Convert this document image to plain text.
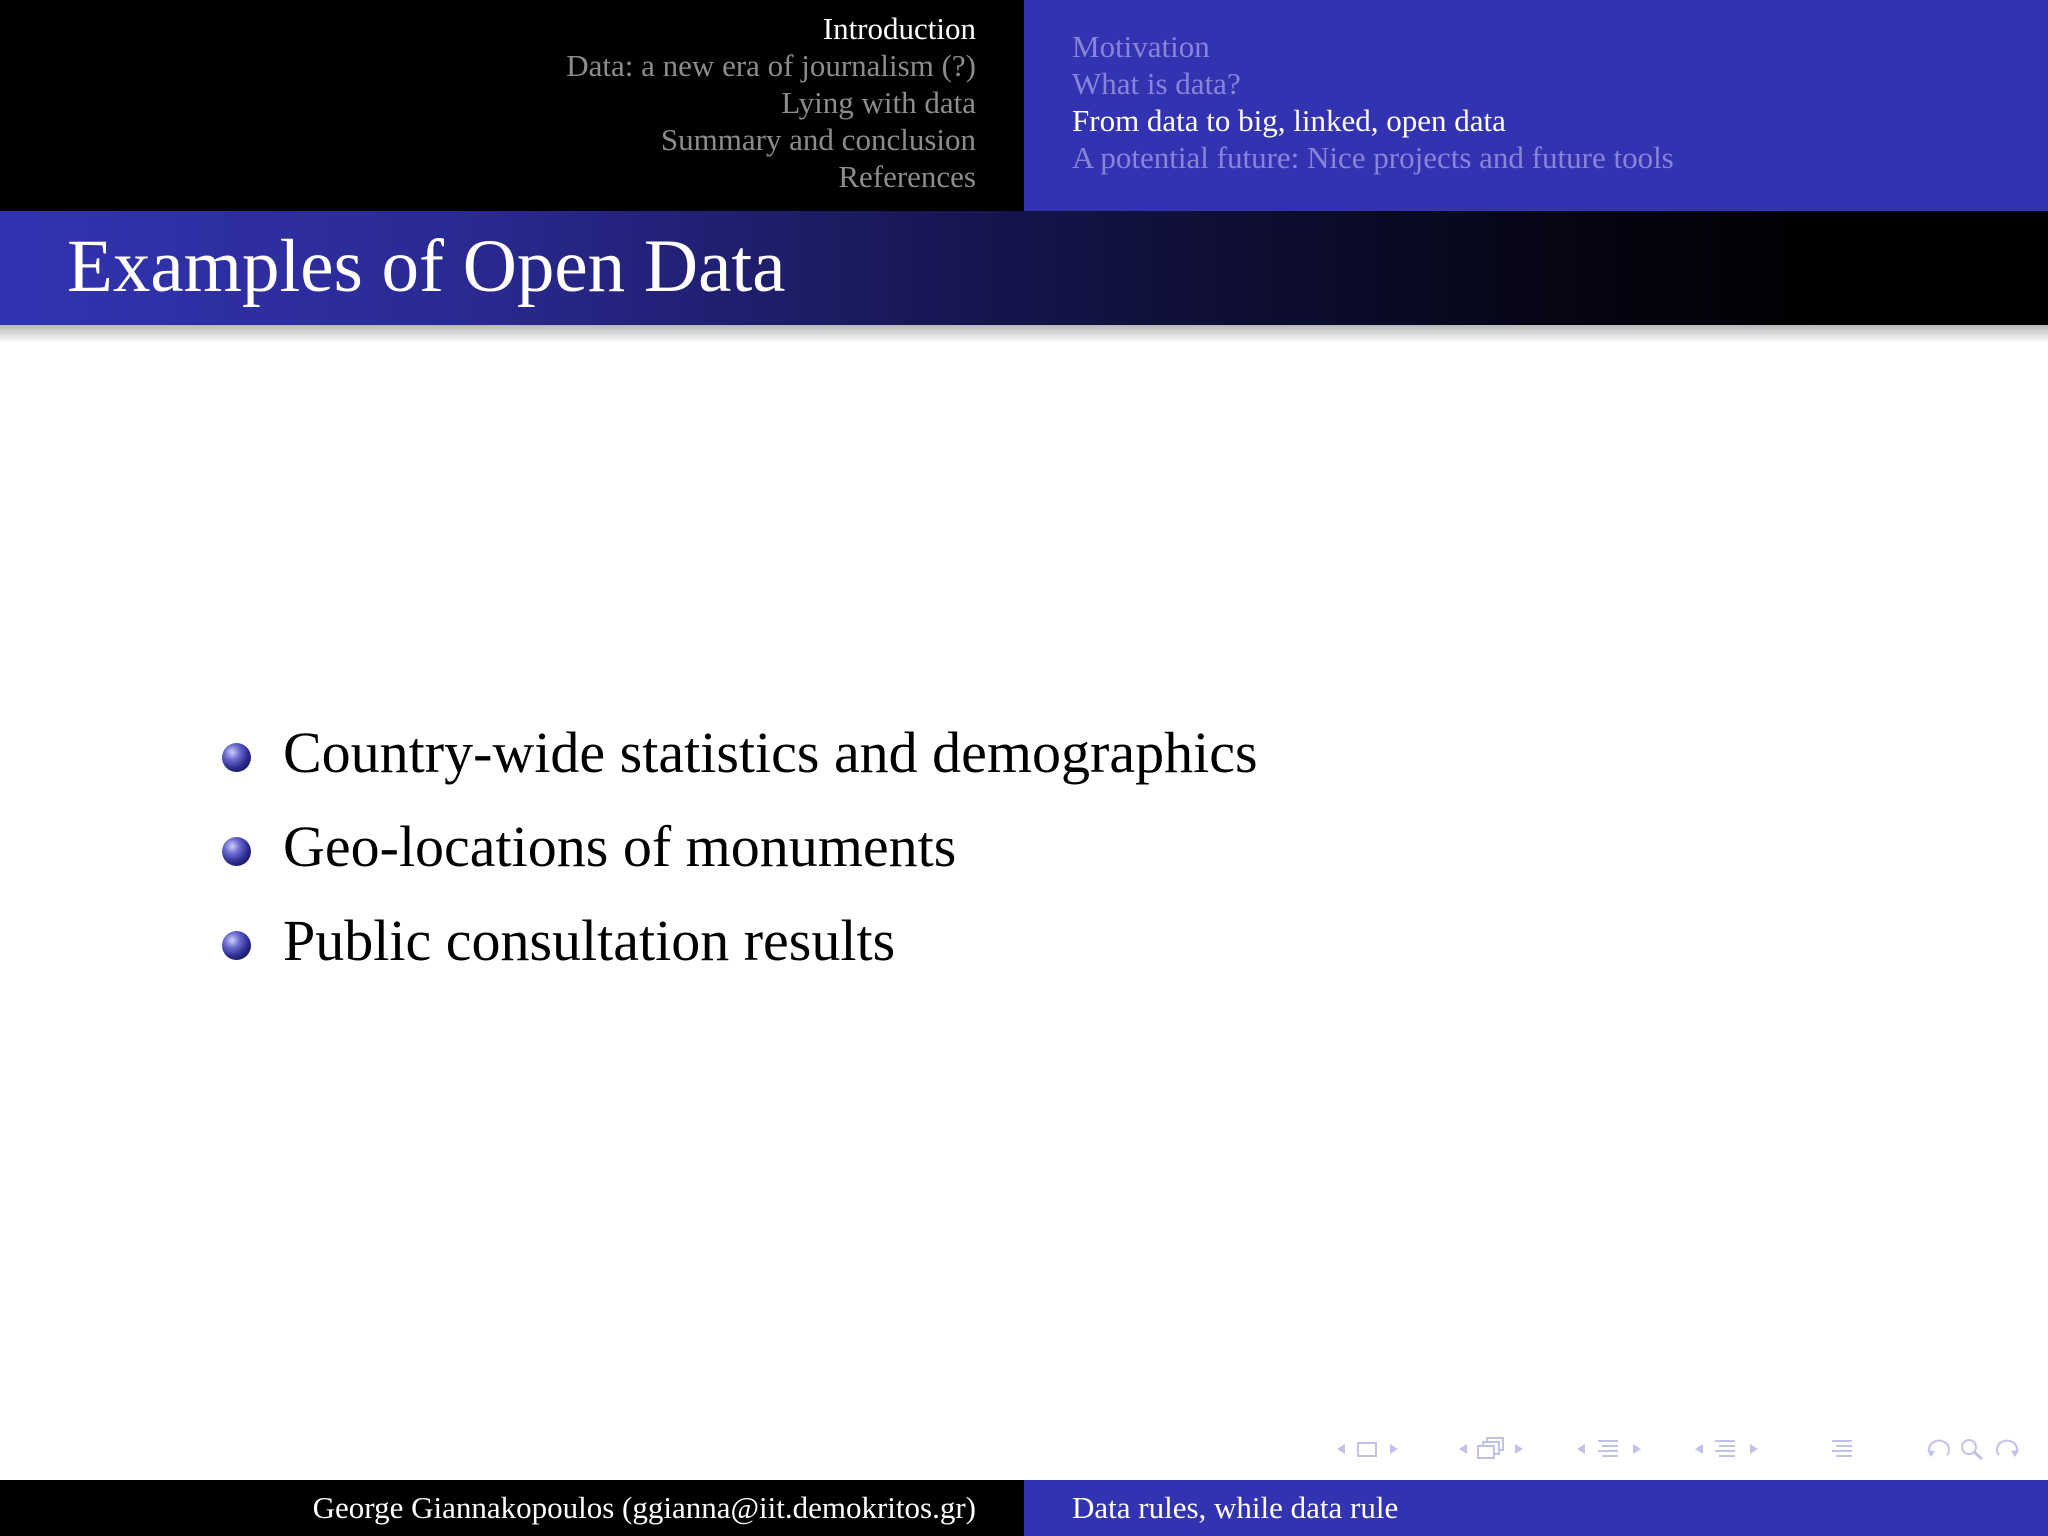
Introduction
Data: a new era of journalism (?)
Lying with data
Summary and conclusion
References
Motivation
What is data?
From data to big, linked, open data
A potential future: Nice projects and future tools
Examples of Open Data
Country-wide statistics and demographics
Geo-locations of monuments
Public consultation results
George Giannakopoulos (ggianna@iit.demokritos.gr)	Data rules, while data rule
